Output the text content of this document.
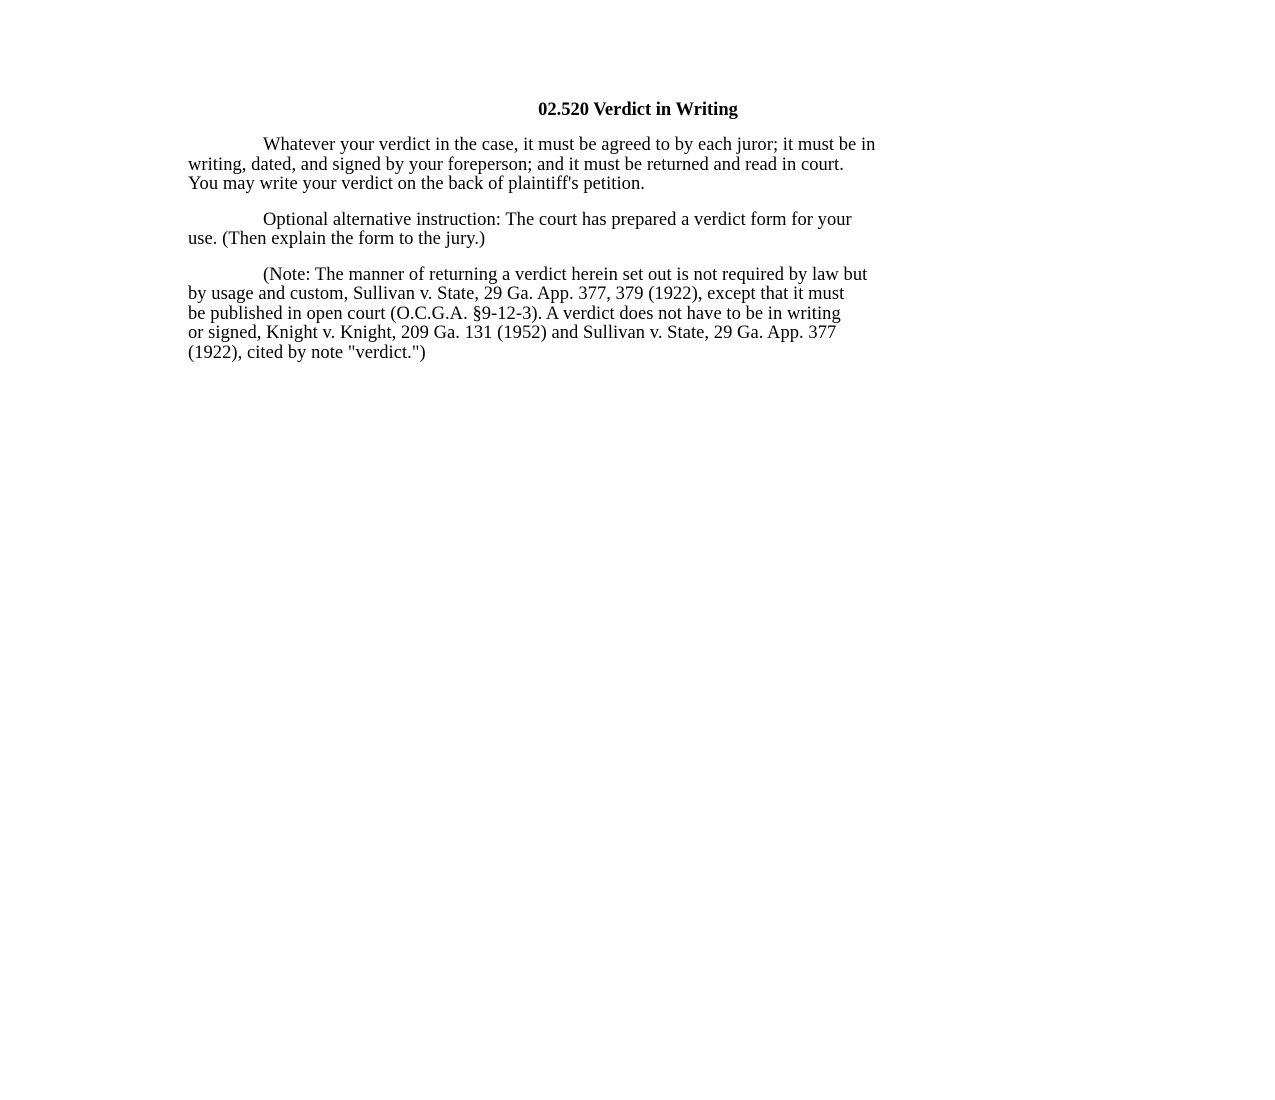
02.520 Verdict in Writing
Whatever your verdict in the case, it must be agreed to by each juror; it must be in
writing, dated, and signed by your foreperson; and it must be returned and read in court.
You may write your verdict on the back of plaintiff's petition.
Optional alternative instruction: The court has prepared a verdict form for your
use. (Then explain the form to the jury.)
(Note: The manner of returning a verdict herein set out is not required by law but
by usage and custom, Sullivan v. State, 29 Ga. App. 377, 379 (1922), except that it must
be published in open court (O.C.G.A. §9-12-3). A verdict does not have to be in writing
or signed, Knight v. Knight, 209 Ga. 131 (1952) and Sullivan v. State, 29 Ga. App. 377
(1922), cited by note "verdict.")
